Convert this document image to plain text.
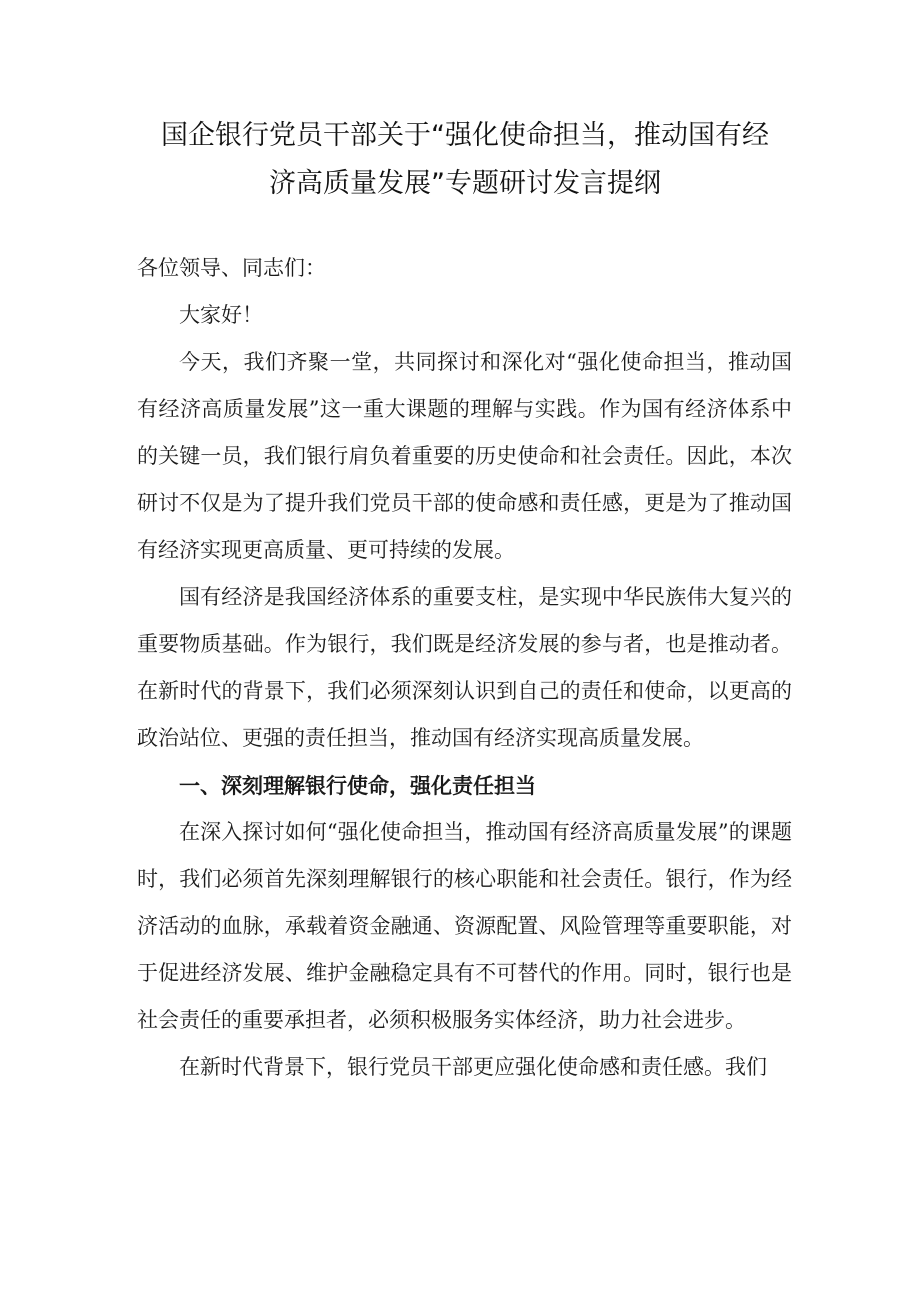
国企银行党员干部关于“强化使命担当，推动国有经
济高质量发展”专题研讨发言提纲

各位领导、同志们：

大家好！

今天，我们齐聚一堂，共同探讨和深化对“强化使命担当，推动国有经济高质量发展”这一重大课题的理解与实践。作为国有经济体系中的关键一员，我们银行肩负着重要的历史使命和社会责任。因此，本次研讨不仅是为了提升我们党员干部的使命感和责任感，更是为了推动国有经济实现更高质量、更可持续的发展。

国有经济是我国经济体系的重要支柱，是实现中华民族伟大复兴的重要物质基础。作为银行，我们既是经济发展的参与者，也是推动者。在新时代的背景下，我们必须深刻认识到自己的责任和使命，以更高的政治站位、更强的责任担当，推动国有经济实现高质量发展。

一、深刻理解银行使命，强化责任担当

在深入探讨如何“强化使命担当，推动国有经济高质量发展”的课题时，我们必须首先深刻理解银行的核心职能和社会责任。银行，作为经济活动的血脉，承载着资金融通、资源配置、风险管理等重要职能，对于促进经济发展、维护金融稳定具有不可替代的作用。同时，银行也是社会责任的重要承担者，必须积极服务实体经济，助力社会进步。

在新时代背景下，银行党员干部更应强化使命感和责任感。我们
